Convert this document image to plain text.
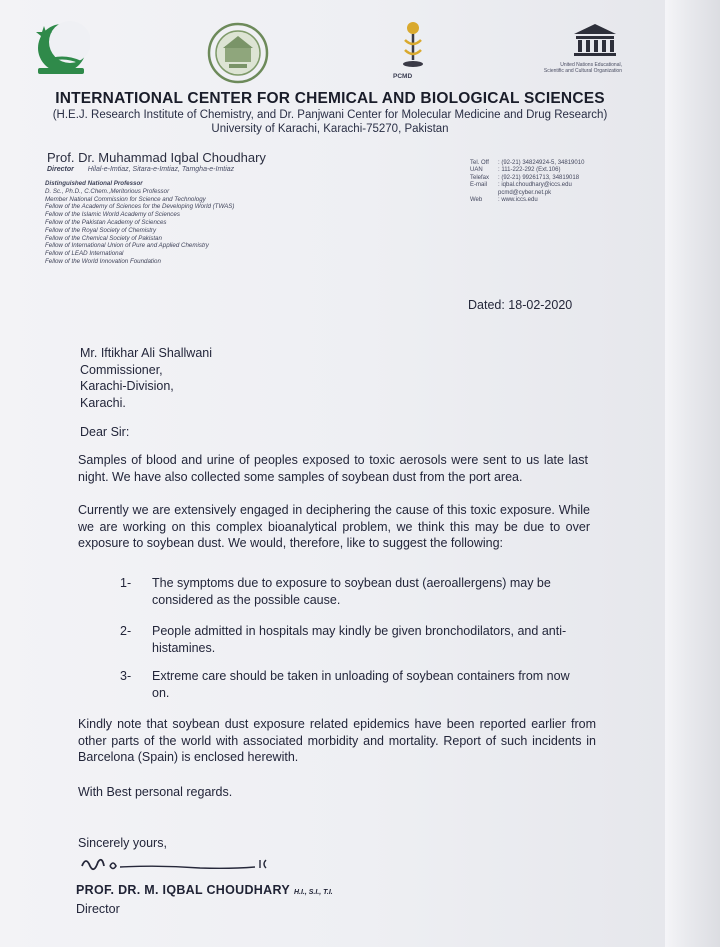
PCMD
United Nations Educational, Scientific and Cultural Organization
INTERNATIONAL CENTER FOR CHEMICAL AND BIOLOGICAL SCIENCES
(H.E.J. Research Institute of Chemistry, and Dr. Panjwani Center for Molecular Medicine and Drug Research)
University of Karachi, Karachi-75270, Pakistan
Prof. Dr. Muhammad Iqbal Choudhary
Director Hilal-e-Imtiaz, Sitara-e-Imtiaz, Tamgha-e-Imtiaz
Distinguished National Professor
D. Sc., Ph.D., C.Chem.,Meritorious Professor
Member National Commission for Science and Technology
Fellow of the Academy of Sciences for the Developing World (TWAS)
Fellow of the Islamic World Academy of Sciences
Fellow of the Pakistan Academy of Sciences
Fellow of the Royal Society of Chemistry
Fellow of the Chemical Society of Pakistan
Fellow of International Union of Pure and Applied Chemistry
Fellow of LEAD International
Fellow of the World Innovation Foundation
Tel. Off	: (92-21) 34824924-5, 34819010
UAN	: 111-222-292 (Ext.106)
Telefax	: (92-21) 99261713, 34819018
E-mail	: iqbal.choudhary@iccs.edu
pcmd@cyber.net.pk
Web	: www.iccs.edu
Dated: 18-02-2020
Mr. Iftikhar Ali Shallwani
Commissioner,
Karachi-Division,
Karachi.
Dear Sir:
Samples of blood and urine of peoples exposed to toxic aerosols were sent to us late last night. We have also collected some samples of soybean dust from the port area.
Currently we are extensively engaged in deciphering the cause of this toxic exposure. While we are working on this complex bioanalytical problem, we think this may be due to over exposure to soybean dust. We would, therefore, like to suggest the following:
1-	The symptoms due to exposure to soybean dust (aeroallergens) may be considered as the possible cause.
2-	People admitted in hospitals may kindly be given bronchodilators, and anti-histamines.
3-	Extreme care should be taken in unloading of soybean containers from now on.
Kindly note that soybean dust exposure related epidemics have been reported earlier from other parts of the world with associated morbidity and mortality. Report of such incidents in Barcelona (Spain) is enclosed herewith.
With Best personal regards.
Sincerely yours,
PROF. DR. M. IQBAL CHOUDHARY H.I., S.I., T.I.
Director
